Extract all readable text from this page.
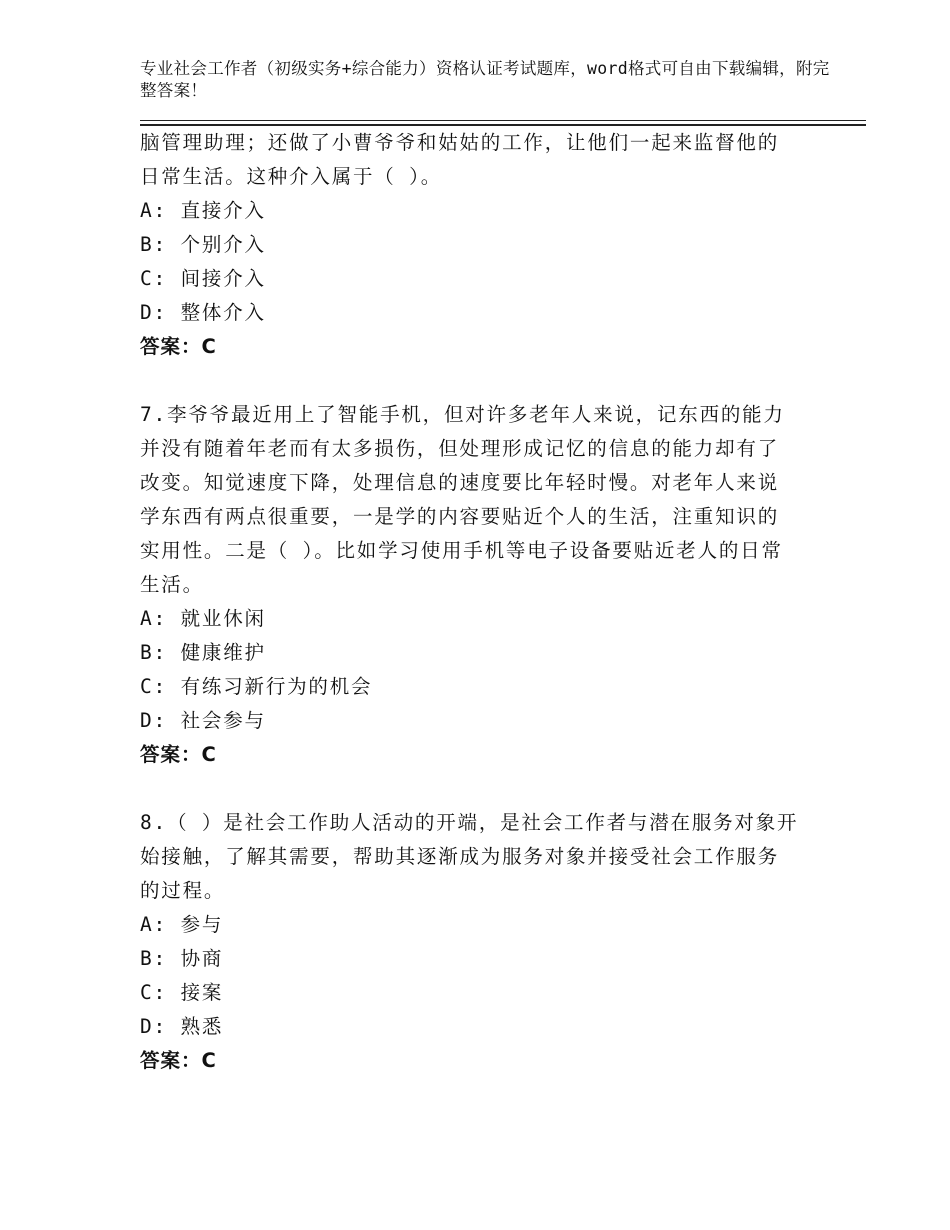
专业社会工作者（初级实务+综合能力）资格认证考试题库，word格式可自由下载编辑，附完整答案！
脑管理助理；还做了小曹爷爷和姑姑的工作，让他们一起来监督他的
日常生活。这种介入属于（ ）。
A: 直接介入
B: 个别介入
C: 间接介入
D: 整体介入
答案：C
7.李爷爷最近用上了智能手机，但对许多老年人来说，记东西的能力
并没有随着年老而有太多损伤，但处理形成记忆的信息的能力却有了
改变。知觉速度下降，处理信息的速度要比年轻时慢。对老年人来说
学东西有两点很重要，一是学的内容要贴近个人的生活，注重知识的
实用性。二是（ ）。比如学习使用手机等电子设备要贴近老人的日常
生活。
A: 就业休闲
B: 健康维护
C: 有练习新行为的机会
D: 社会参与
答案：C
8.（ ）是社会工作助人活动的开端，是社会工作者与潜在服务对象开
始接触，了解其需要，帮助其逐渐成为服务对象并接受社会工作服务
的过程。
A: 参与
B: 协商
C: 接案
D: 熟悉
答案：C
